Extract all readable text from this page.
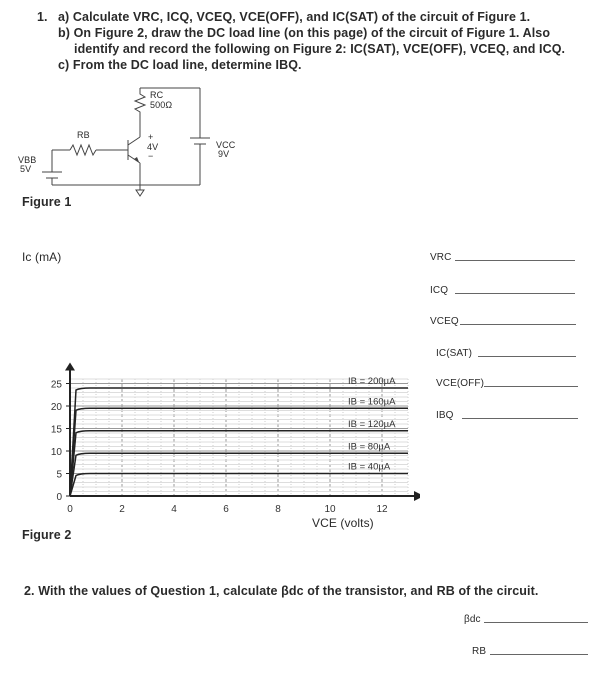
1. a) Calculate VRC, ICQ, VCEQ, VCE(OFF), and IC(SAT) of the circuit of Figure 1.
b) On Figure 2, draw the DC load line (on this page) of the circuit of Figure 1. Also
identify and record the following on Figure 2: IC(SAT), VCE(OFF), VCEQ, and ICQ.
c) From the DC load line, determine IBQ.
RC
500Ω
RB	+
4V
−
VCC
9V
VBB
5V
Figure 1
Ic (mA)
25
20
15
10
5
0
0	2	4	6	8	10	12
IB = 200µA
IB = 160µA
IB = 120µA
IB = 80µA
IB = 40µA
VCE (volts)
Figure 2
VRC
ICQ
VCEQ
IC(SAT)
VCE(OFF)
IBQ
2. With the values of Question 1, calculate βdc of the transistor, and RB of the circuit.
βdc
RB
